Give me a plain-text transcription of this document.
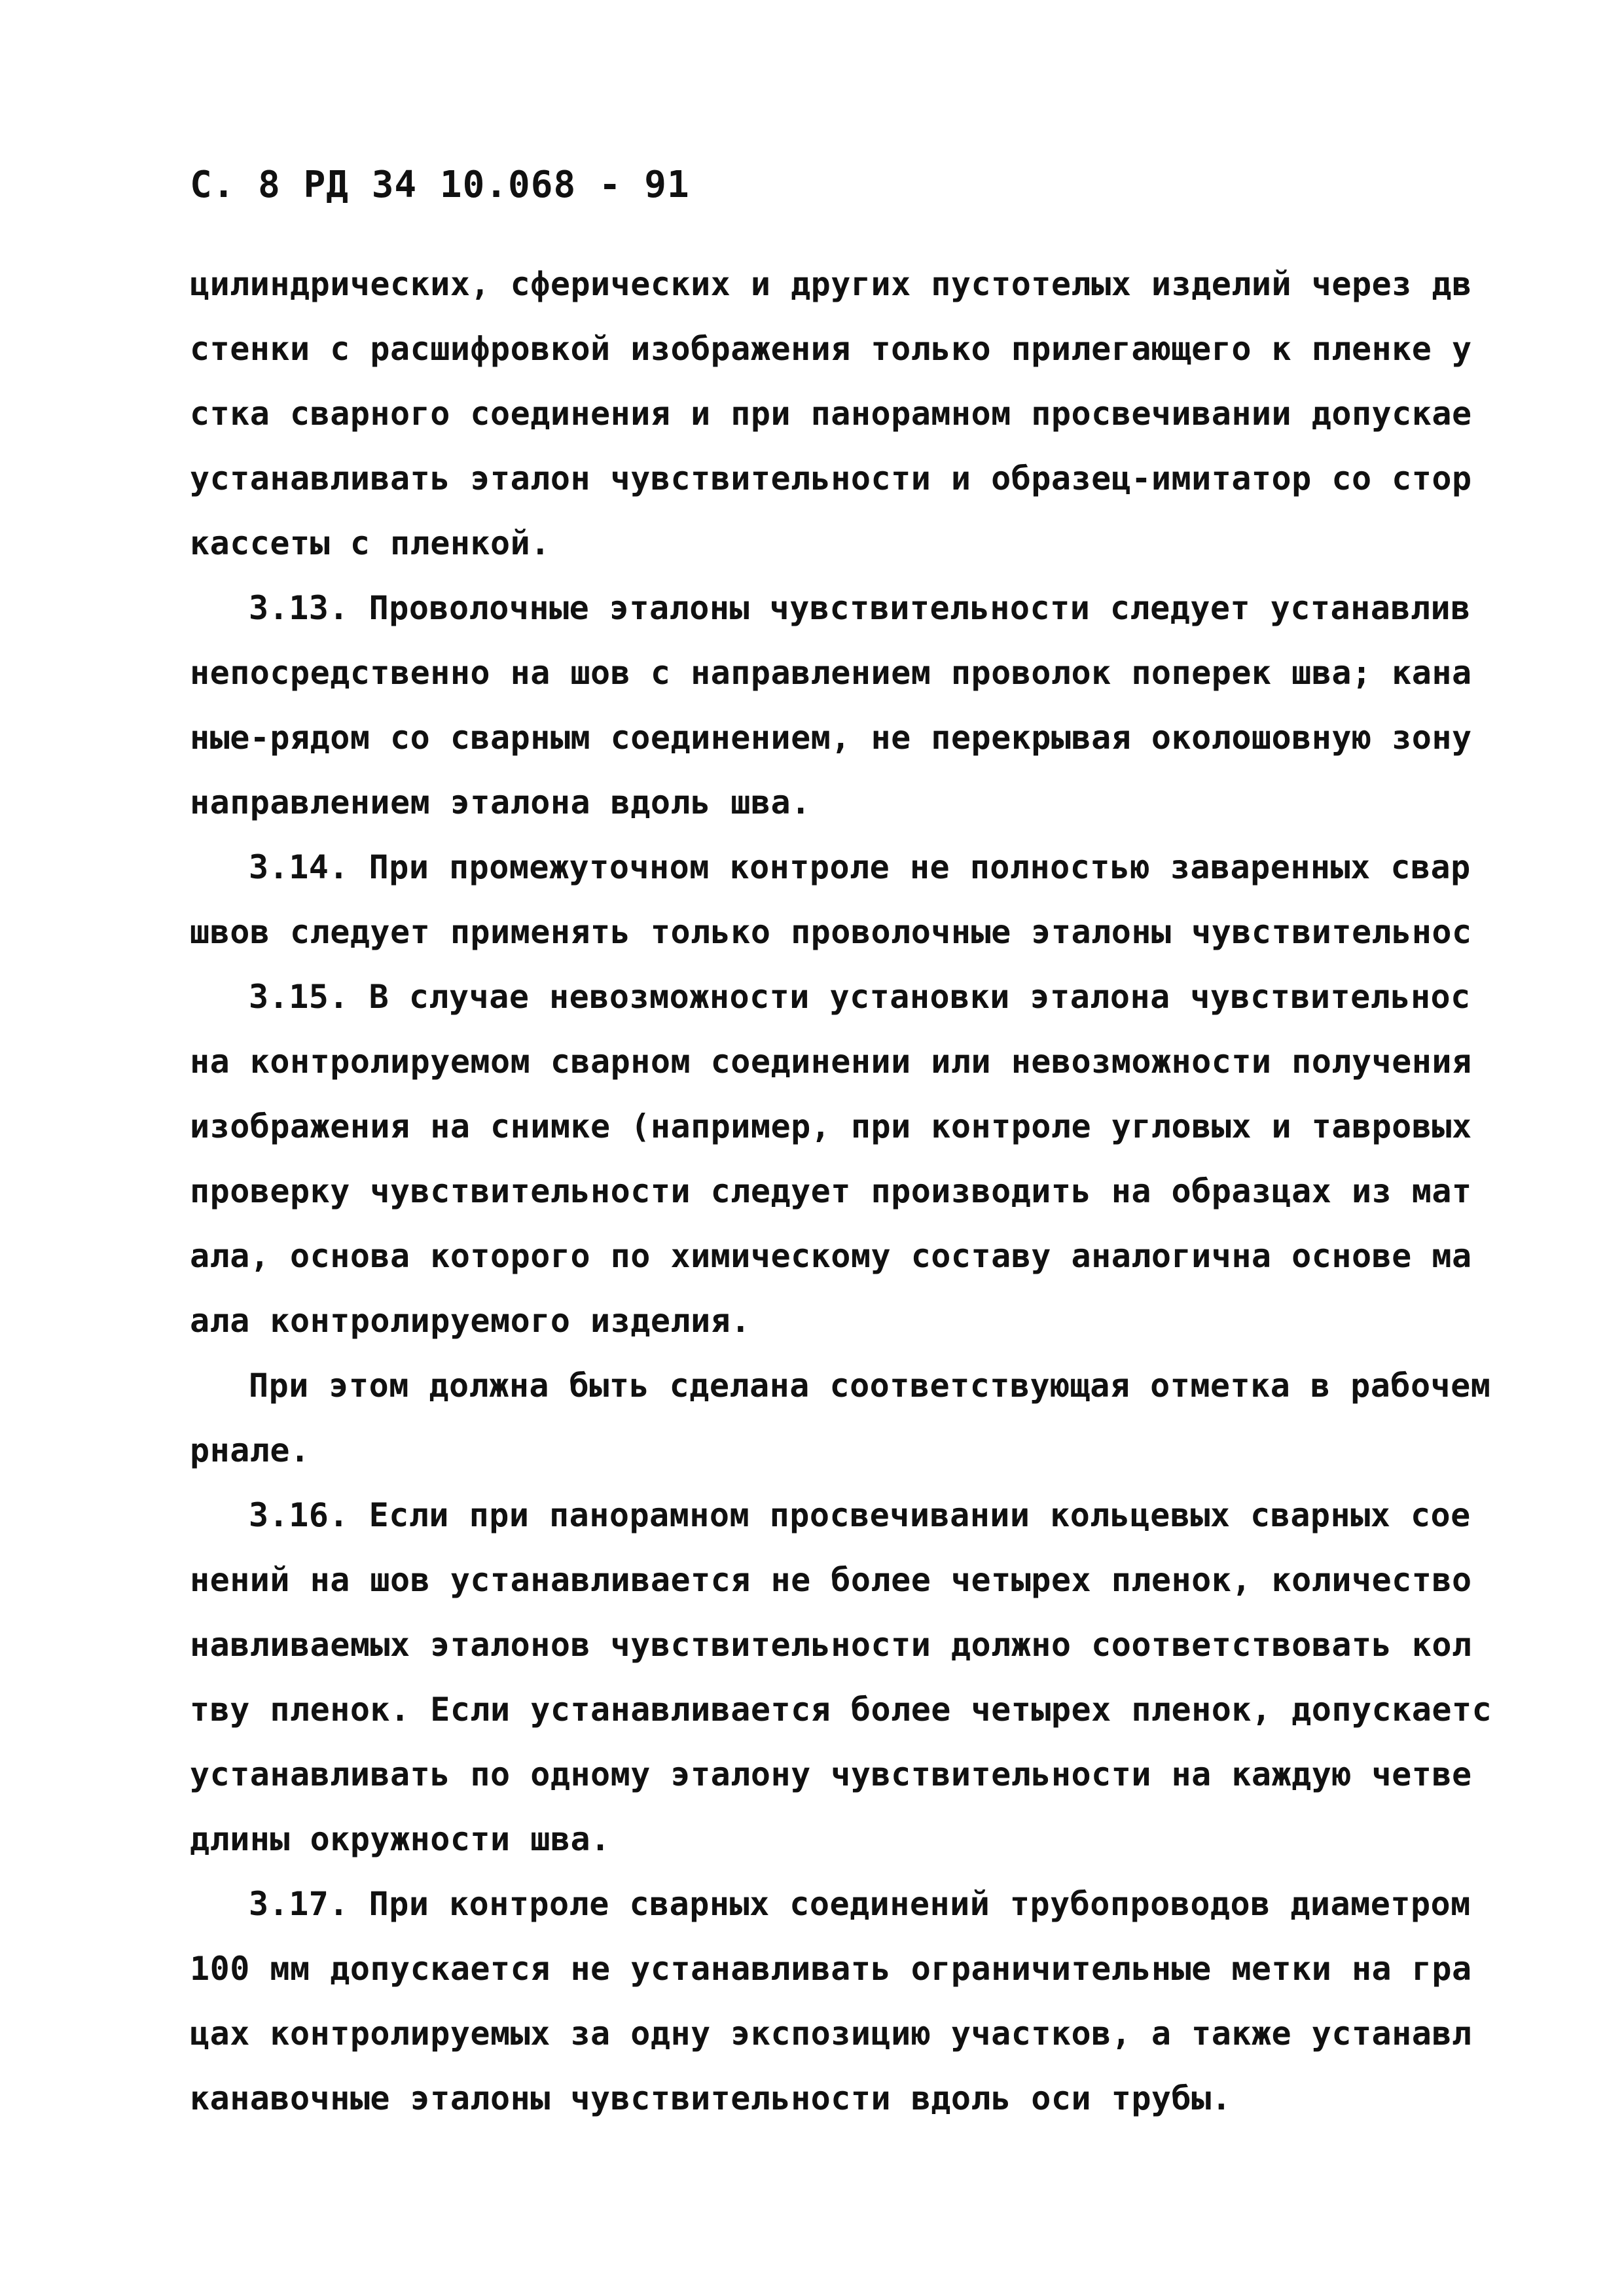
С. 8 РД 34 10.068 - 91
цилиндрических, сферических и других пустотелых изделий через дв
стенки с расшифровкой изображения только прилегающего к пленке у
стка сварного соединения и при панорамном просвечивании допускае
устанавливать эталон чувствительности и образец-имитатор со стор
кассеты с пленкой.
3.13. Проволочные эталоны чувствительности следует устанавлив
непосредственно на шов с направлением проволок поперек шва; кана
ные-рядом со сварным соединением, не перекрывая околошовную зону
направлением эталона вдоль шва.
3.14. При промежуточном контроле не полностью заваренных свар
швов следует применять только проволочные эталоны чувствительнос
3.15. В случае невозможности установки эталона чувствительнос
на контролируемом сварном соединении или невозможности получения
изображения на снимке (например, при контроле угловых и тавровых
проверку чувствительности следует производить на образцах из мат
ала, основа которого по химическому составу аналогична основе ма
ала контролируемого изделия.
При этом должна быть сделана соответствующая отметка в рабочем
рнале.
3.16. Если при панорамном просвечивании кольцевых сварных сое
нений на шов устанавливается не более четырех пленок, количество
навливаемых эталонов чувствительности должно соответствовать кол
тву пленок. Если устанавливается более четырех пленок, допускаетс
устанавливать по одному эталону чувствительности на каждую четве
длины окружности шва.
3.17. При контроле сварных соединений трубопроводов диаметром
100 мм допускается не устанавливать ограничительные метки на гра
цах контролируемых за одну экспозицию участков, а также устанавл
канавочные эталоны чувствительности вдоль оси трубы.
